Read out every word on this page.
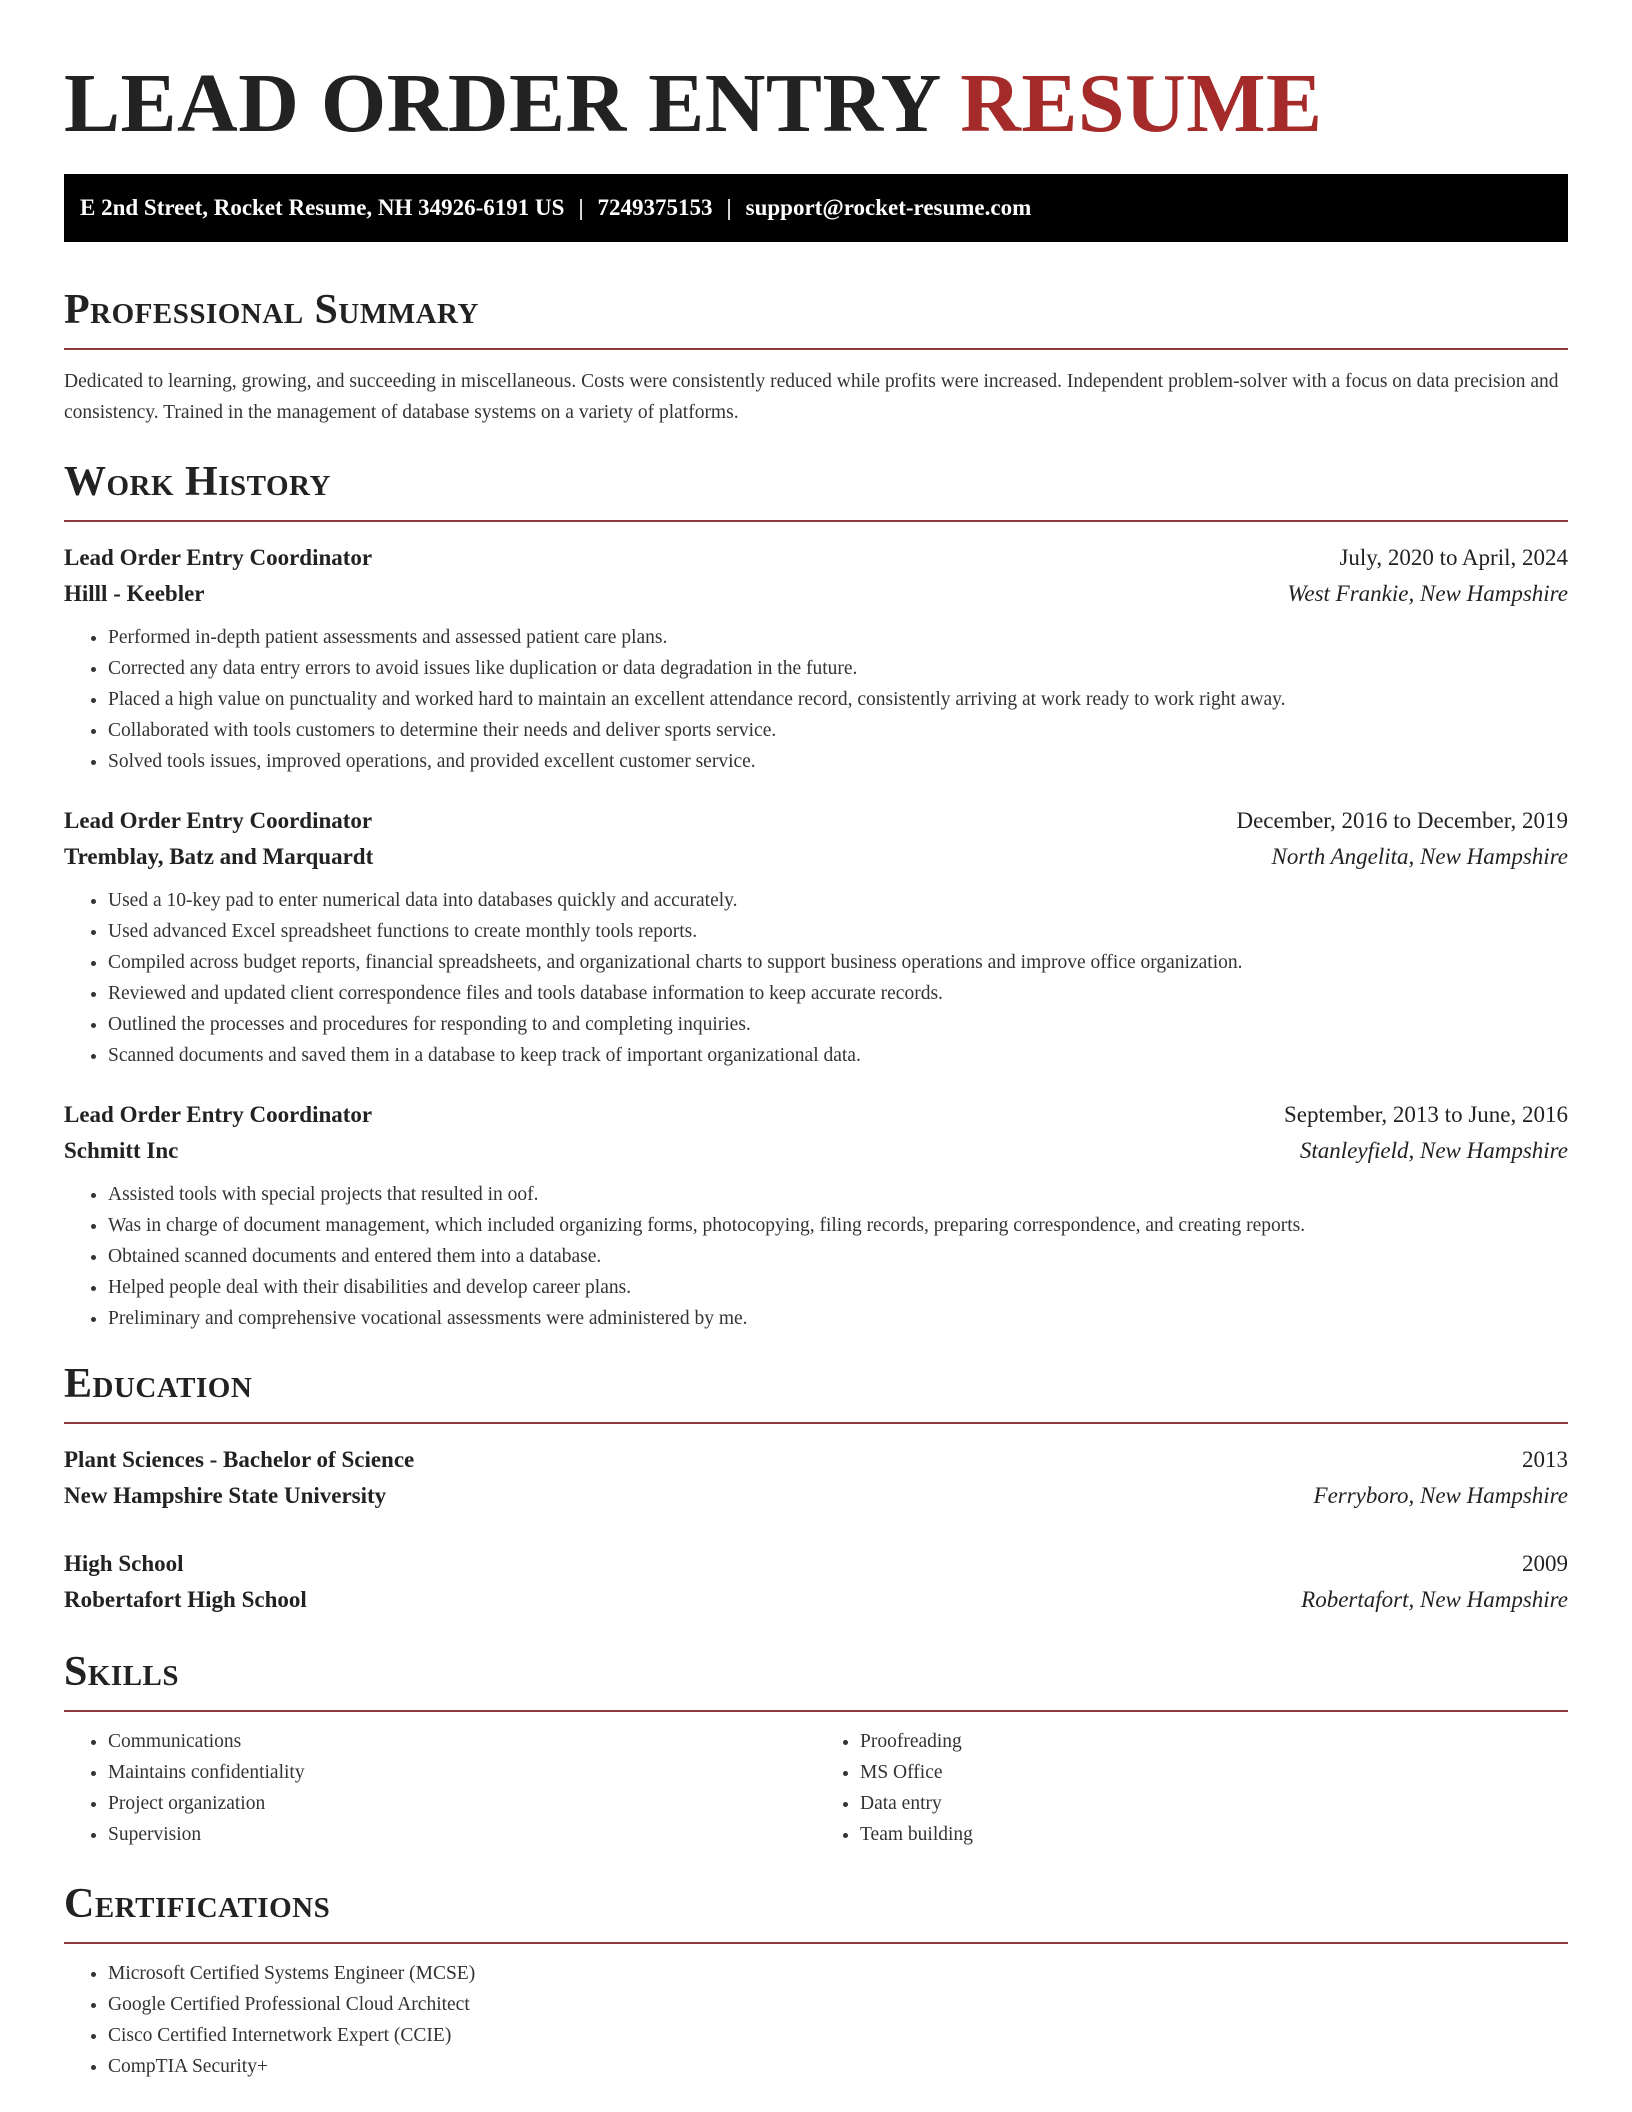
LEAD ORDER ENTRY RESUME
E 2nd Street, Rocket Resume, NH 34926-6191 US | 7249375153 | support@rocket-resume.com
Professional Summary

Dedicated to learning, growing, and succeeding in miscellaneous. Costs were consistently reduced while profits were increased. Independent problem-solver with a focus on data precision and consistency. Trained in the management of database systems on a variety of platforms.

Work History
Lead Order Entry Coordinator	July, 2020 to April, 2024
Hilll - Keebler	West Frankie, New Hampshire
• Performed in-depth patient assessments and assessed patient care plans.
• Corrected any data entry errors to avoid issues like duplication or data degradation in the future.
• Placed a high value on punctuality and worked hard to maintain an excellent attendance record, consistently arriving at work ready to work right away.
• Collaborated with tools customers to determine their needs and deliver sports service.
• Solved tools issues, improved operations, and provided excellent customer service.
Lead Order Entry Coordinator	December, 2016 to December, 2019
Tremblay, Batz and Marquardt	North Angelita, New Hampshire
• Used a 10-key pad to enter numerical data into databases quickly and accurately.
• Used advanced Excel spreadsheet functions to create monthly tools reports.
• Compiled across budget reports, financial spreadsheets, and organizational charts to support business operations and improve office organization.
• Reviewed and updated client correspondence files and tools database information to keep accurate records.
• Outlined the processes and procedures for responding to and completing inquiries.
• Scanned documents and saved them in a database to keep track of important organizational data.
Lead Order Entry Coordinator	September, 2013 to June, 2016
Schmitt Inc	Stanleyfield, New Hampshire
• Assisted tools with special projects that resulted in oof.
• Was in charge of document management, which included organizing forms, photocopying, filing records, preparing correspondence, and creating reports.
• Obtained scanned documents and entered them into a database.
• Helped people deal with their disabilities and develop career plans.
• Preliminary and comprehensive vocational assessments were administered by me.
Education
Plant Sciences - Bachelor of Science	2013
New Hampshire State University	Ferryboro, New Hampshire
High School	2009
Robertafort High School	Robertafort, New Hampshire
Skills
• Communications
• Maintains confidentiality
• Project organization
• Supervision
• Proofreading
• MS Office
• Data entry
• Team building
Certifications
• Microsoft Certified Systems Engineer (MCSE)
• Google Certified Professional Cloud Architect
• Cisco Certified Internetwork Expert (CCIE)
• CompTIA Security+
